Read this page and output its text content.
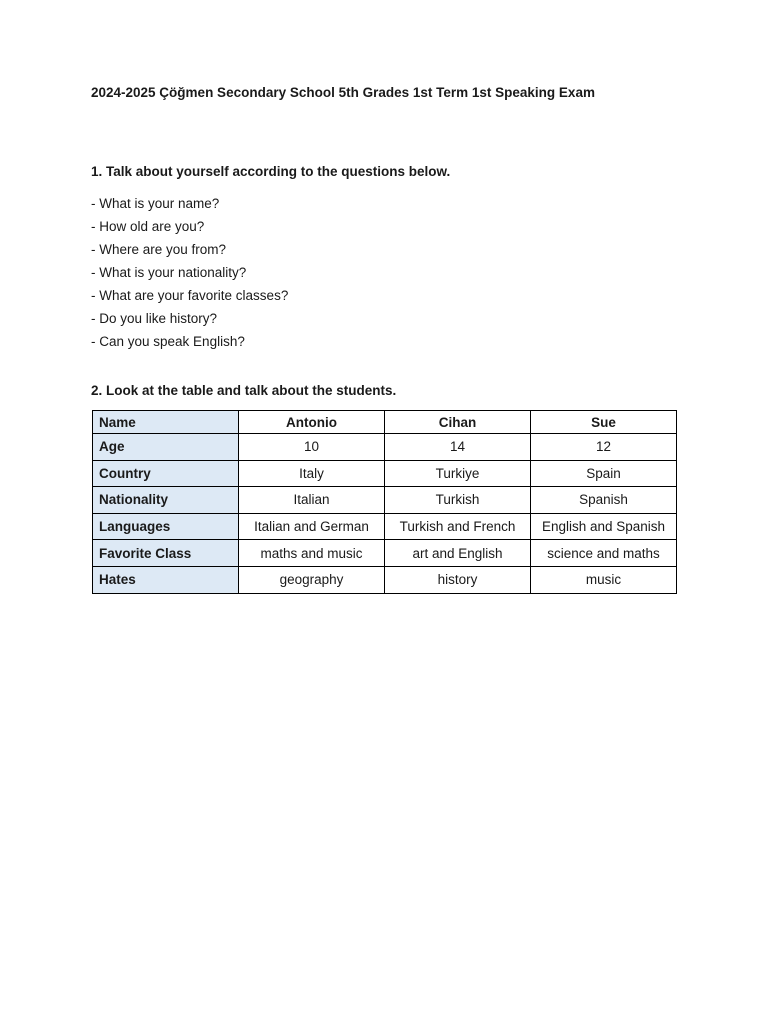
2024-2025 Çöğmen Secondary School 5th Grades 1st Term 1st Speaking Exam
1. Talk about yourself according to the questions below.
- What is your name?
- How old are you?
- Where are you from?
- What is your nationality?
- What are your favorite classes?
- Do you like history?
- Can you speak English?
2. Look at the table and talk about the students.
Name	Antonio	Cihan	Sue
Age	10	14	12
Country	Italy	Turkiye	Spain
Nationality	Italian	Turkish	Spanish
Languages	Italian and German	Turkish and French	English and Spanish
Favorite Class	maths and music	art and English	science and maths
Hates	geography	history	music
